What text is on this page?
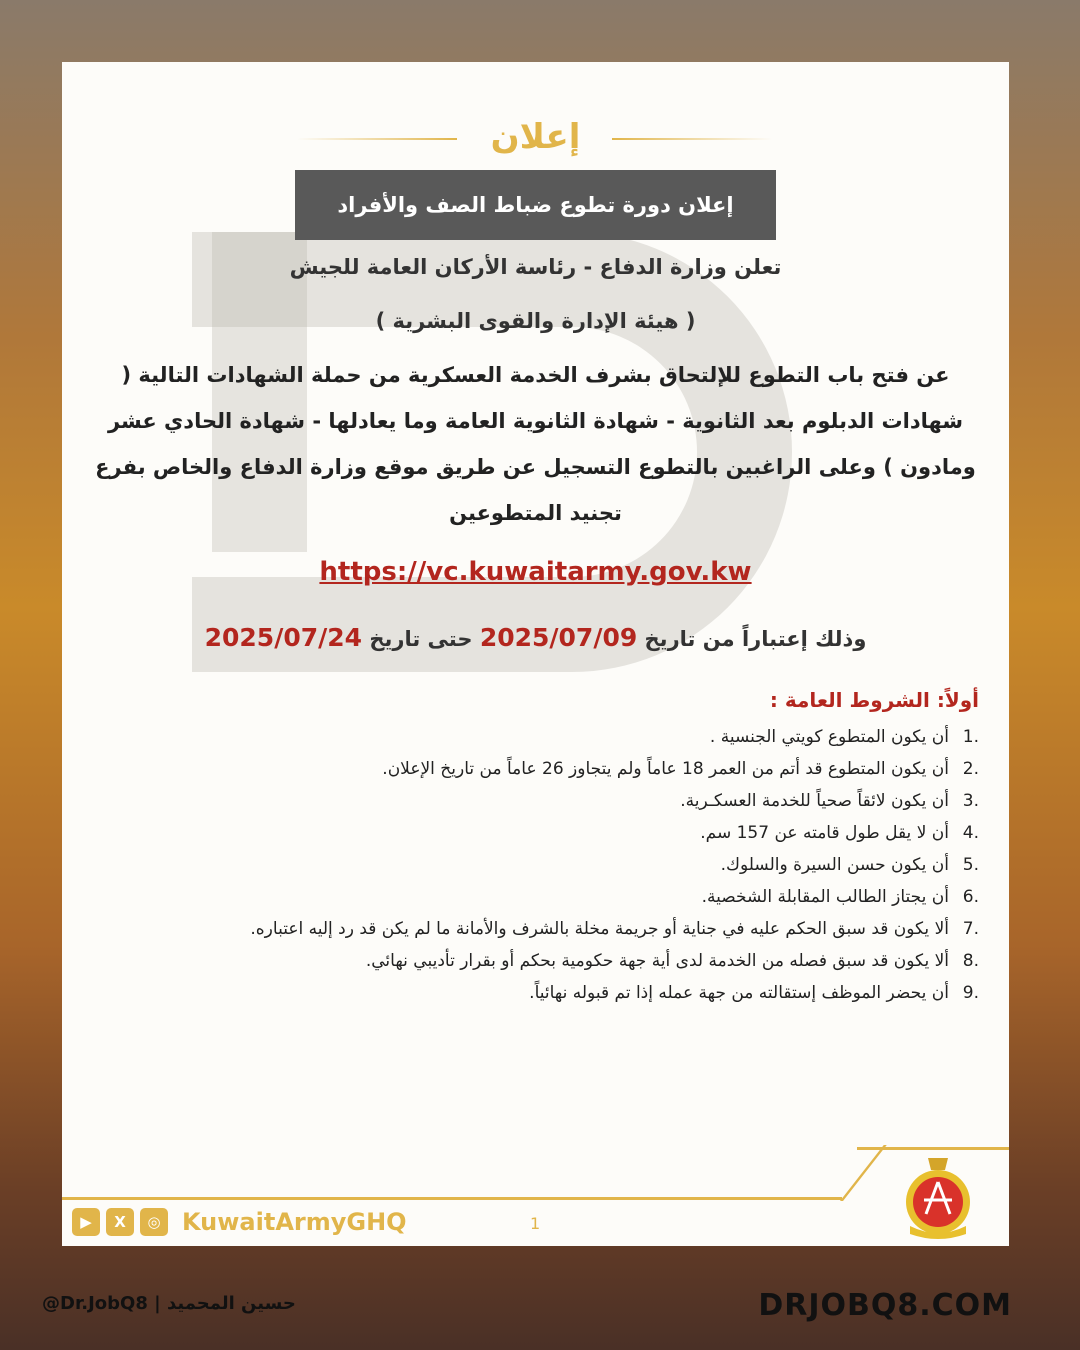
إعلان
إعلان دورة تطوع ضباط الصف والأفراد
تعلن وزارة الدفاع - رئاسة الأركان العامة للجيش
( هيئة الإدارة والقوى البشرية )
عن فتح باب التطوع للإلتحاق بشرف الخدمة العسكرية من حملة الشهادات التالية ( شهادات الدبلوم بعد الثانوية - شهادة الثانوية العامة وما يعادلها - شهادة الحادي عشر ومادون ) وعلى الراغبين بالتطوع التسجيل عن طريق موقع وزارة الدفاع والخاص بفرع تجنيد المتطوعين
https://vc.kuwaitarmy.gov.kw
وذلك إعتباراً من تاريخ 2025/07/09 حتى تاريخ 2025/07/24
أولاً: الشروط العامة :
.1
أن يكون المتطوع كويتي الجنسية .
.2
أن يكون المتطوع قد أتم من العمر 18 عاماً ولم يتجاوز 26 عاماً من تاريخ الإعلان.
.3
أن يكون لائقاً صحياً للخدمة العسكـرية.
.4
أن لا يقل طول قامته عن 157 سم.
.5
أن يكون حسن السيرة والسلوك.
.6
أن يجتاز الطالب المقابلة الشخصية.
.7
ألا يكون قد سبق الحكم عليه في جناية أو جريمة مخلة بالشرف والأمانة ما لم يكن قد رد إليه اعتباره.
.8
ألا يكون قد سبق فصله من الخدمة لدى أية جهة حكومية بحكم أو بقرار تأديبي نهائي.
.9
أن يحضر الموظف إستقالته من جهة عمله إذا تم قبوله نهائياً.
▶	X	◎ KuwaitArmyGHQ	1
@Dr.JobQ8 | حسين المحميد	DRJOBQ8.COM
